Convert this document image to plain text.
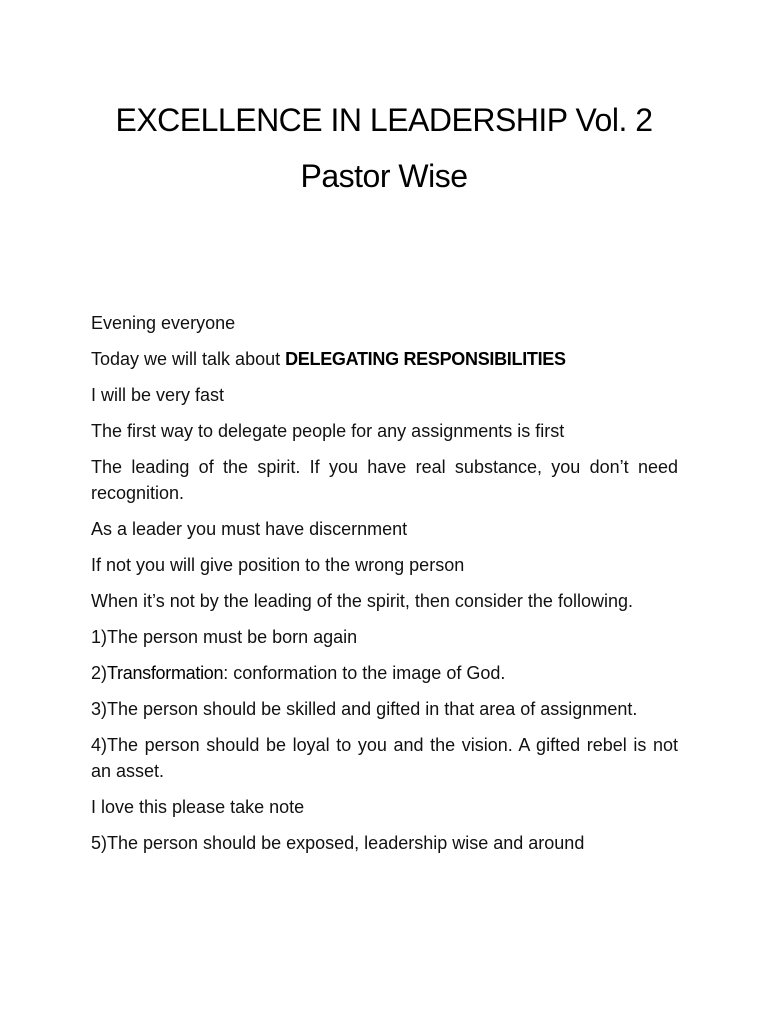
EXCELLENCE IN LEADERSHIP Vol. 2
Pastor Wise

Evening everyone

Today we will talk about DELEGATING RESPONSIBILITIES

I will be very fast

The first way to delegate people for any assignments is first

The leading of the spirit. If you have real substance, you don’t need recognition.

As a leader you must have discernment

If not you will give position to the wrong person

When it’s not by the leading of the spirit, then consider the following.

1)The person must be born again

2)Transformation: conformation to the image of God.

3)The person should be skilled and gifted in that area of assignment.

4)The person should be loyal to you and the vision. A gifted rebel is not an asset.

I love this please take note

5)The person should be exposed, leadership wise and around
